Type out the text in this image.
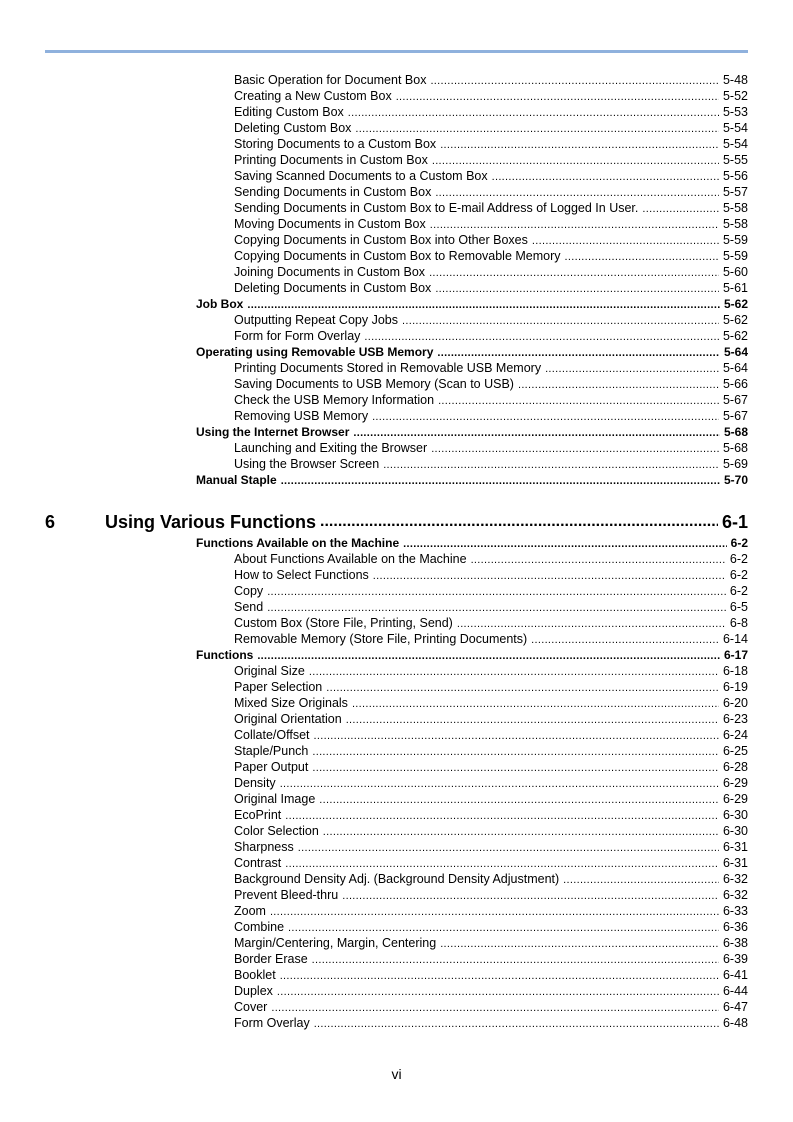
Basic Operation for Document Box .....	5-48
Creating a New Custom Box .....	5-52
Editing Custom Box .....	5-53
Deleting Custom Box .....	5-54
Storing Documents to a Custom Box .....	5-54
Printing Documents in Custom Box .....	5-55
Saving Scanned Documents to a Custom Box .....	5-56
Sending Documents in Custom Box .....	5-57
Sending Documents in Custom Box to E-mail Address of Logged In User. .....	5-58
Moving Documents in Custom Box .....	5-58
Copying Documents in Custom Box into Other Boxes .....	5-59
Copying Documents in Custom Box to Removable Memory .....	5-59
Joining Documents in Custom Box .....	5-60
Deleting Documents in Custom Box .....	5-61
Job Box .....	5-62
Outputting Repeat Copy Jobs .....	5-62
Form for Form Overlay .....	5-62
Operating using Removable USB Memory .....	5-64
Printing Documents Stored in Removable USB Memory .....	5-64
Saving Documents to USB Memory (Scan to USB) .....	5-66
Check the USB Memory Information .....	5-67
Removing USB Memory .....	5-67
Using the Internet Browser .....	5-68
Launching and Exiting the Browser .....	5-68
Using the Browser Screen .....	5-69
Manual Staple .....	5-70
6	Using Various Functions .....	6-1
Functions Available on the Machine .....	6-2
About Functions Available on the Machine .....	6-2
How to Select Functions .....	6-2
Copy .....	6-2
Send .....	6-5
Custom Box (Store File, Printing, Send) .....	6-8
Removable Memory (Store File, Printing Documents) .....	6-14
Functions .....	6-17
Original Size .....	6-18
Paper Selection .....	6-19
Mixed Size Originals .....	6-20
Original Orientation .....	6-23
Collate/Offset .....	6-24
Staple/Punch .....	6-25
Paper Output .....	6-28
Density .....	6-29
Original Image .....	6-29
EcoPrint .....	6-30
Color Selection .....	6-30
Sharpness .....	6-31
Contrast .....	6-31
Background Density Adj. (Background Density Adjustment) .....	6-32
Prevent Bleed-thru .....	6-32
Zoom .....	6-33
Combine .....	6-36
Margin/Centering, Margin, Centering .....	6-38
Border Erase .....	6-39
Booklet .....	6-41
Duplex .....	6-44
Cover .....	6-47
Form Overlay .....	6-48
vi
